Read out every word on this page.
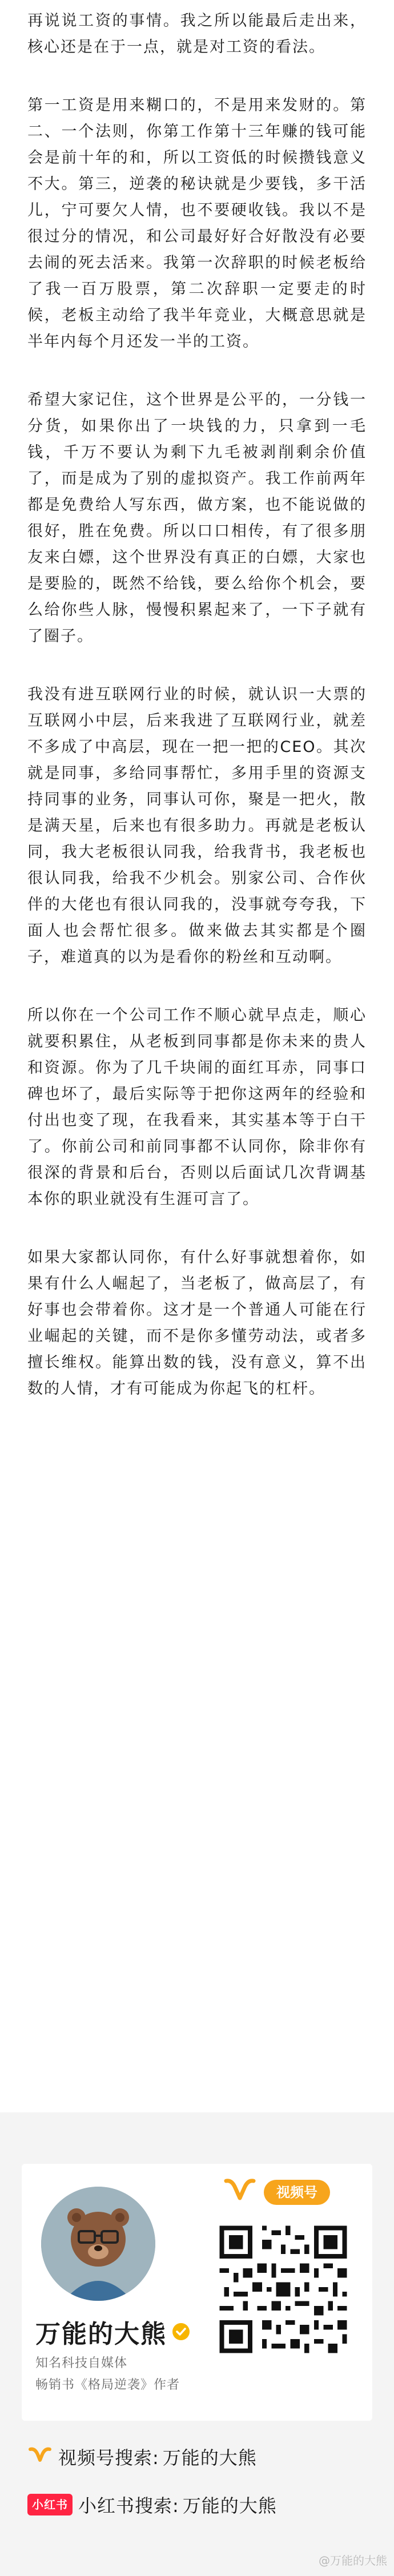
再说说工资的事情。我之所以能最后走出来，核心还是在于一点，就是对工资的看法。

第一工资是用来糊口的，不是用来发财的。第二、一个法则，你第工作第十三年赚的钱可能会是前十年的和，所以工资低的时候攒钱意义不大。第三，逆袭的秘诀就是少要钱，多干活儿，宁可要欠人情，也不要硬收钱。我以不是很过分的情况，和公司最好好合好散没有必要去闹的死去活来。我第一次辞职的时候老板给了我一百万股票，第二次辞职一定要走的时候，老板主动给了我半年竞业，大概意思就是半年内每个月还发一半的工资。

希望大家记住，这个世界是公平的，一分钱一分货，如果你出了一块钱的力，只拿到一毛钱，千万不要认为剩下九毛被剥削剩余价值了，而是成为了别的虚拟资产。我工作前两年都是免费给人写东西，做方案，也不能说做的很好，胜在免费。所以口口相传，有了很多朋友来白嫖，这个世界没有真正的白嫖，大家也是要脸的，既然不给钱，要么给你个机会，要么给你些人脉，慢慢积累起来了，一下子就有了圈子。

我没有进互联网行业的时候，就认识一大票的互联网小中层，后来我进了互联网行业，就差不多成了中高层，现在一把一把的CEO。其次就是同事，多给同事帮忙，多用手里的资源支持同事的业务，同事认可你，聚是一把火，散是满天星，后来也有很多助力。再就是老板认同，我大老板很认同我，给我背书，我老板也很认同我，给我不少机会。别家公司、合作伙伴的大佬也有很认同我的，没事就夸夸我，下面人也会帮忙很多。做来做去其实都是个圈子，难道真的以为是看你的粉丝和互动啊。

所以你在一个公司工作不顺心就早点走，顺心就要积累住，从老板到同事都是你未来的贵人和资源。你为了几千块闹的面红耳赤，同事口碑也坏了，最后实际等于把你这两年的经验和付出也变了现，在我看来，其实基本等于白干了。你前公司和前同事都不认同你，除非你有很深的背景和后台，否则以后面试几次背调基本你的职业就没有生涯可言了。

如果大家都认同你，有什么好事就想着你，如果有什么人崛起了，当老板了，做高层了，有好事也会带着你。这才是一个普通人可能在行业崛起的关键，而不是你多懂劳动法，或者多擅长维权。能算出数的钱，没有意义，算不出数的人情，才有可能成为你起飞的杠杆。

万能的大熊
知名科技自媒体
畅销书《格局逆袭》作者
视频号
视频号搜索: 万能的大熊
小红书 小红书搜索: 万能的大熊
@万能的大熊
